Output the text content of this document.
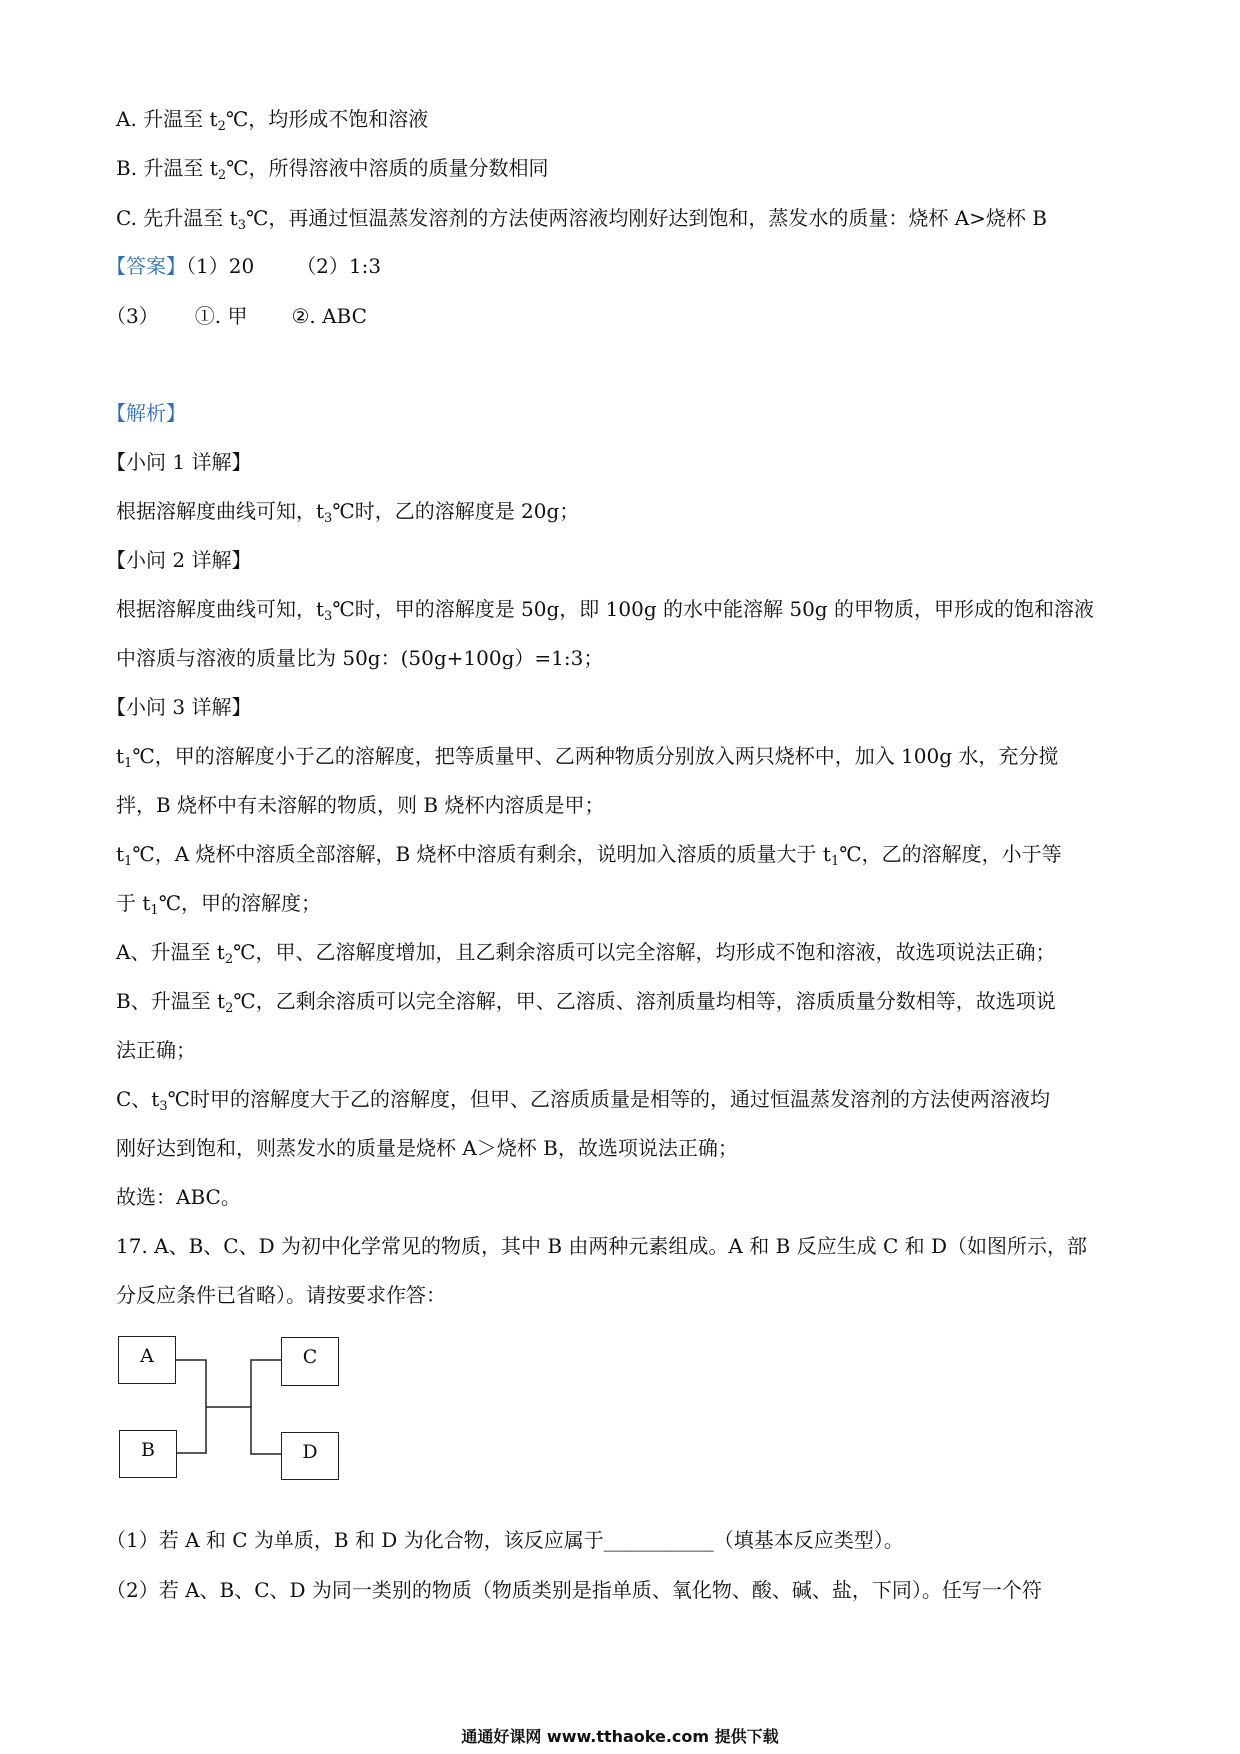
A. 升温至 $t_2℃$，均形成不饱和溶液
B. 升温至 $t_2℃$，所得溶液中溶质的质量分数相同
C. 先升温至 $t_3℃$，再通过恒温蒸发溶剂的方法使两溶液均刚好达到饱和，蒸发水的质量：烧杯 A>烧杯 B
【答案】（1）20 （2）1:3
（3） ①. 甲 ②. ABC
【解析】
【小问 1 详解】
根据溶解度曲线可知，$t_3℃$时，乙的溶解度是 20g；
【小问 2 详解】
根据溶解度曲线可知，$t_3℃$时，甲的溶解度是 50g，即 100g 的水中能溶解 50g 的甲物质，甲形成的饱和溶液
中溶质与溶液的质量比为 50g：(50g+100g）=1:3；
【小问 3 详解】
$t_1℃$，甲的溶解度小于乙的溶解度，把等质量甲、乙两种物质分别放入两只烧杯中，加入 100g 水，充分搅
拌，B 烧杯中有未溶解的物质，则 B 烧杯内溶质是甲；
$t_1℃$，A 烧杯中溶质全部溶解，B 烧杯中溶质有剩余，说明加入溶质的质量大于 $t_1℃$，乙的溶解度，小于等
于 $t_1℃$，甲的溶解度；
A、升温至 $t_2℃$，甲、乙溶解度增加，且乙剩余溶质可以完全溶解，均形成不饱和溶液，故选项说法正确；
B、升温至 $t_2℃$，乙剩余溶质可以完全溶解，甲、乙溶质、溶剂质量均相等，溶质质量分数相等，故选项说
法正确；
C、$t_3℃$时甲的溶解度大于乙的溶解度，但甲、乙溶质质量是相等的，通过恒温蒸发溶剂的方法使两溶液均
刚好达到饱和，则蒸发水的质量是烧杯 A＞烧杯 B，故选项说法正确；
故选：ABC。
17. A、B、C、D 为初中化学常见的物质，其中 B 由两种元素组成。A 和 B 反应生成 C 和 D（如图所示，部
分反应条件已省略）。请按要求作答：
A
B
C
D
（1）若 A 和 C 为单质，B 和 D 为化合物，该反应属于___________（填基本反应类型）。
（2）若 A、B、C、D 为同一类别的物质（物质类别是指单质、氧化物、酸、碱、盐，下同）。任写一个符
通通好课网 www.tthaoke.com 提供下载
